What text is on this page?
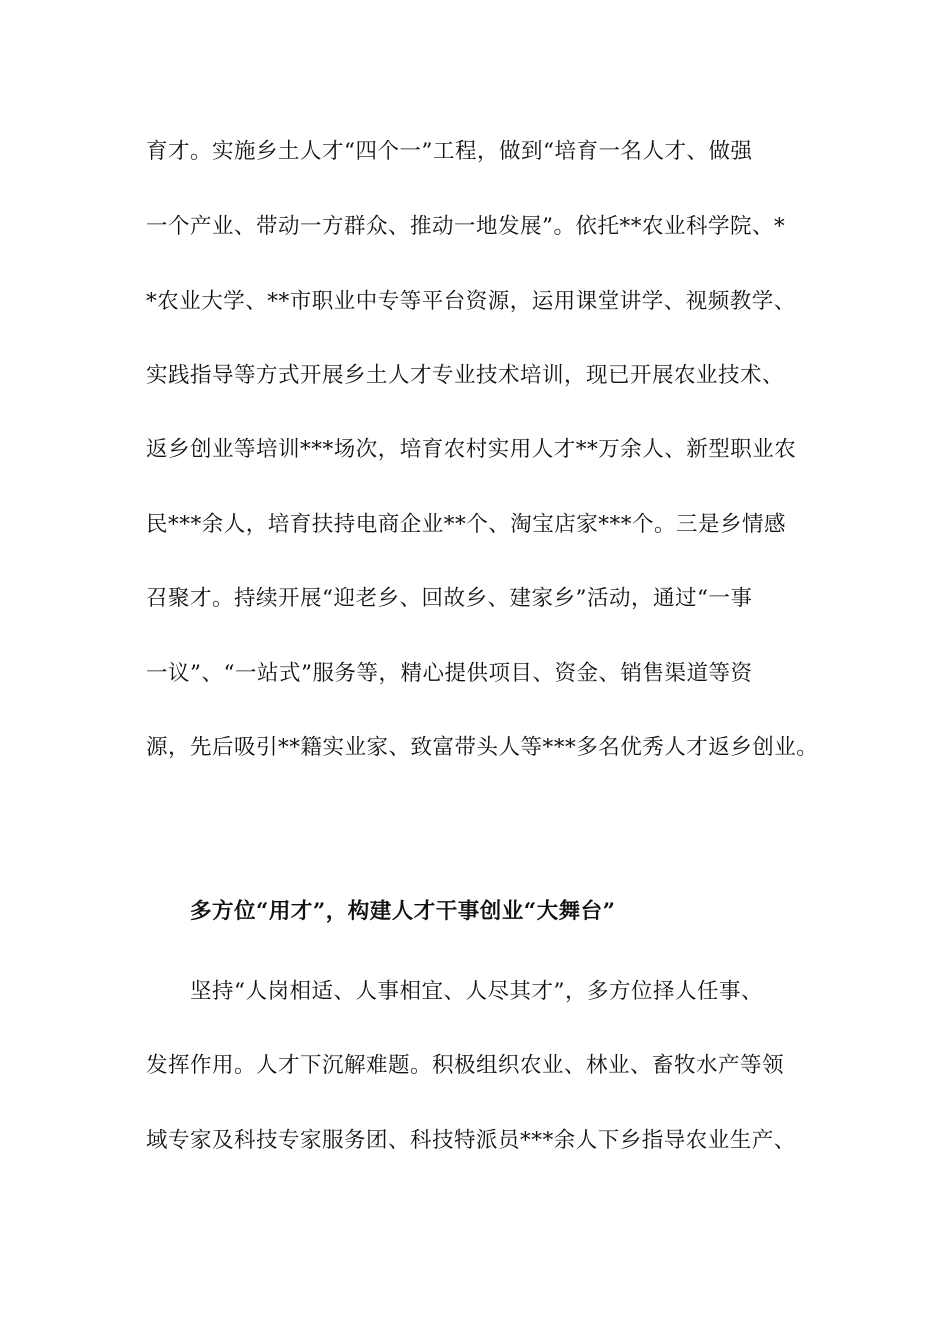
育才。实施乡土人才“四个一”工程，做到“培育一名人才、做强
一个产业、带动一方群众、推动一地发展”。依托**农业科学院、*
*农业大学、**市职业中专等平台资源，运用课堂讲学、视频教学、
实践指导等方式开展乡土人才专业技术培训，现已开展农业技术、
返乡创业等培训***场次，培育农村实用人才**万余人、新型职业农
民***余人，培育扶持电商企业**个、淘宝店家***个。三是乡情感
召聚才。持续开展“迎老乡、回故乡、建家乡”活动，通过“一事
一议”、“一站式”服务等，精心提供项目、资金、销售渠道等资
源，先后吸引**籍实业家、致富带头人等***多名优秀人才返乡创业。
多方位“用才”，构建人才干事创业“大舞台”
坚持“人岗相适、人事相宜、人尽其才”，多方位择人任事、
发挥作用。人才下沉解难题。积极组织农业、林业、畜牧水产等领
域专家及科技专家服务团、科技特派员***余人下乡指导农业生产、
